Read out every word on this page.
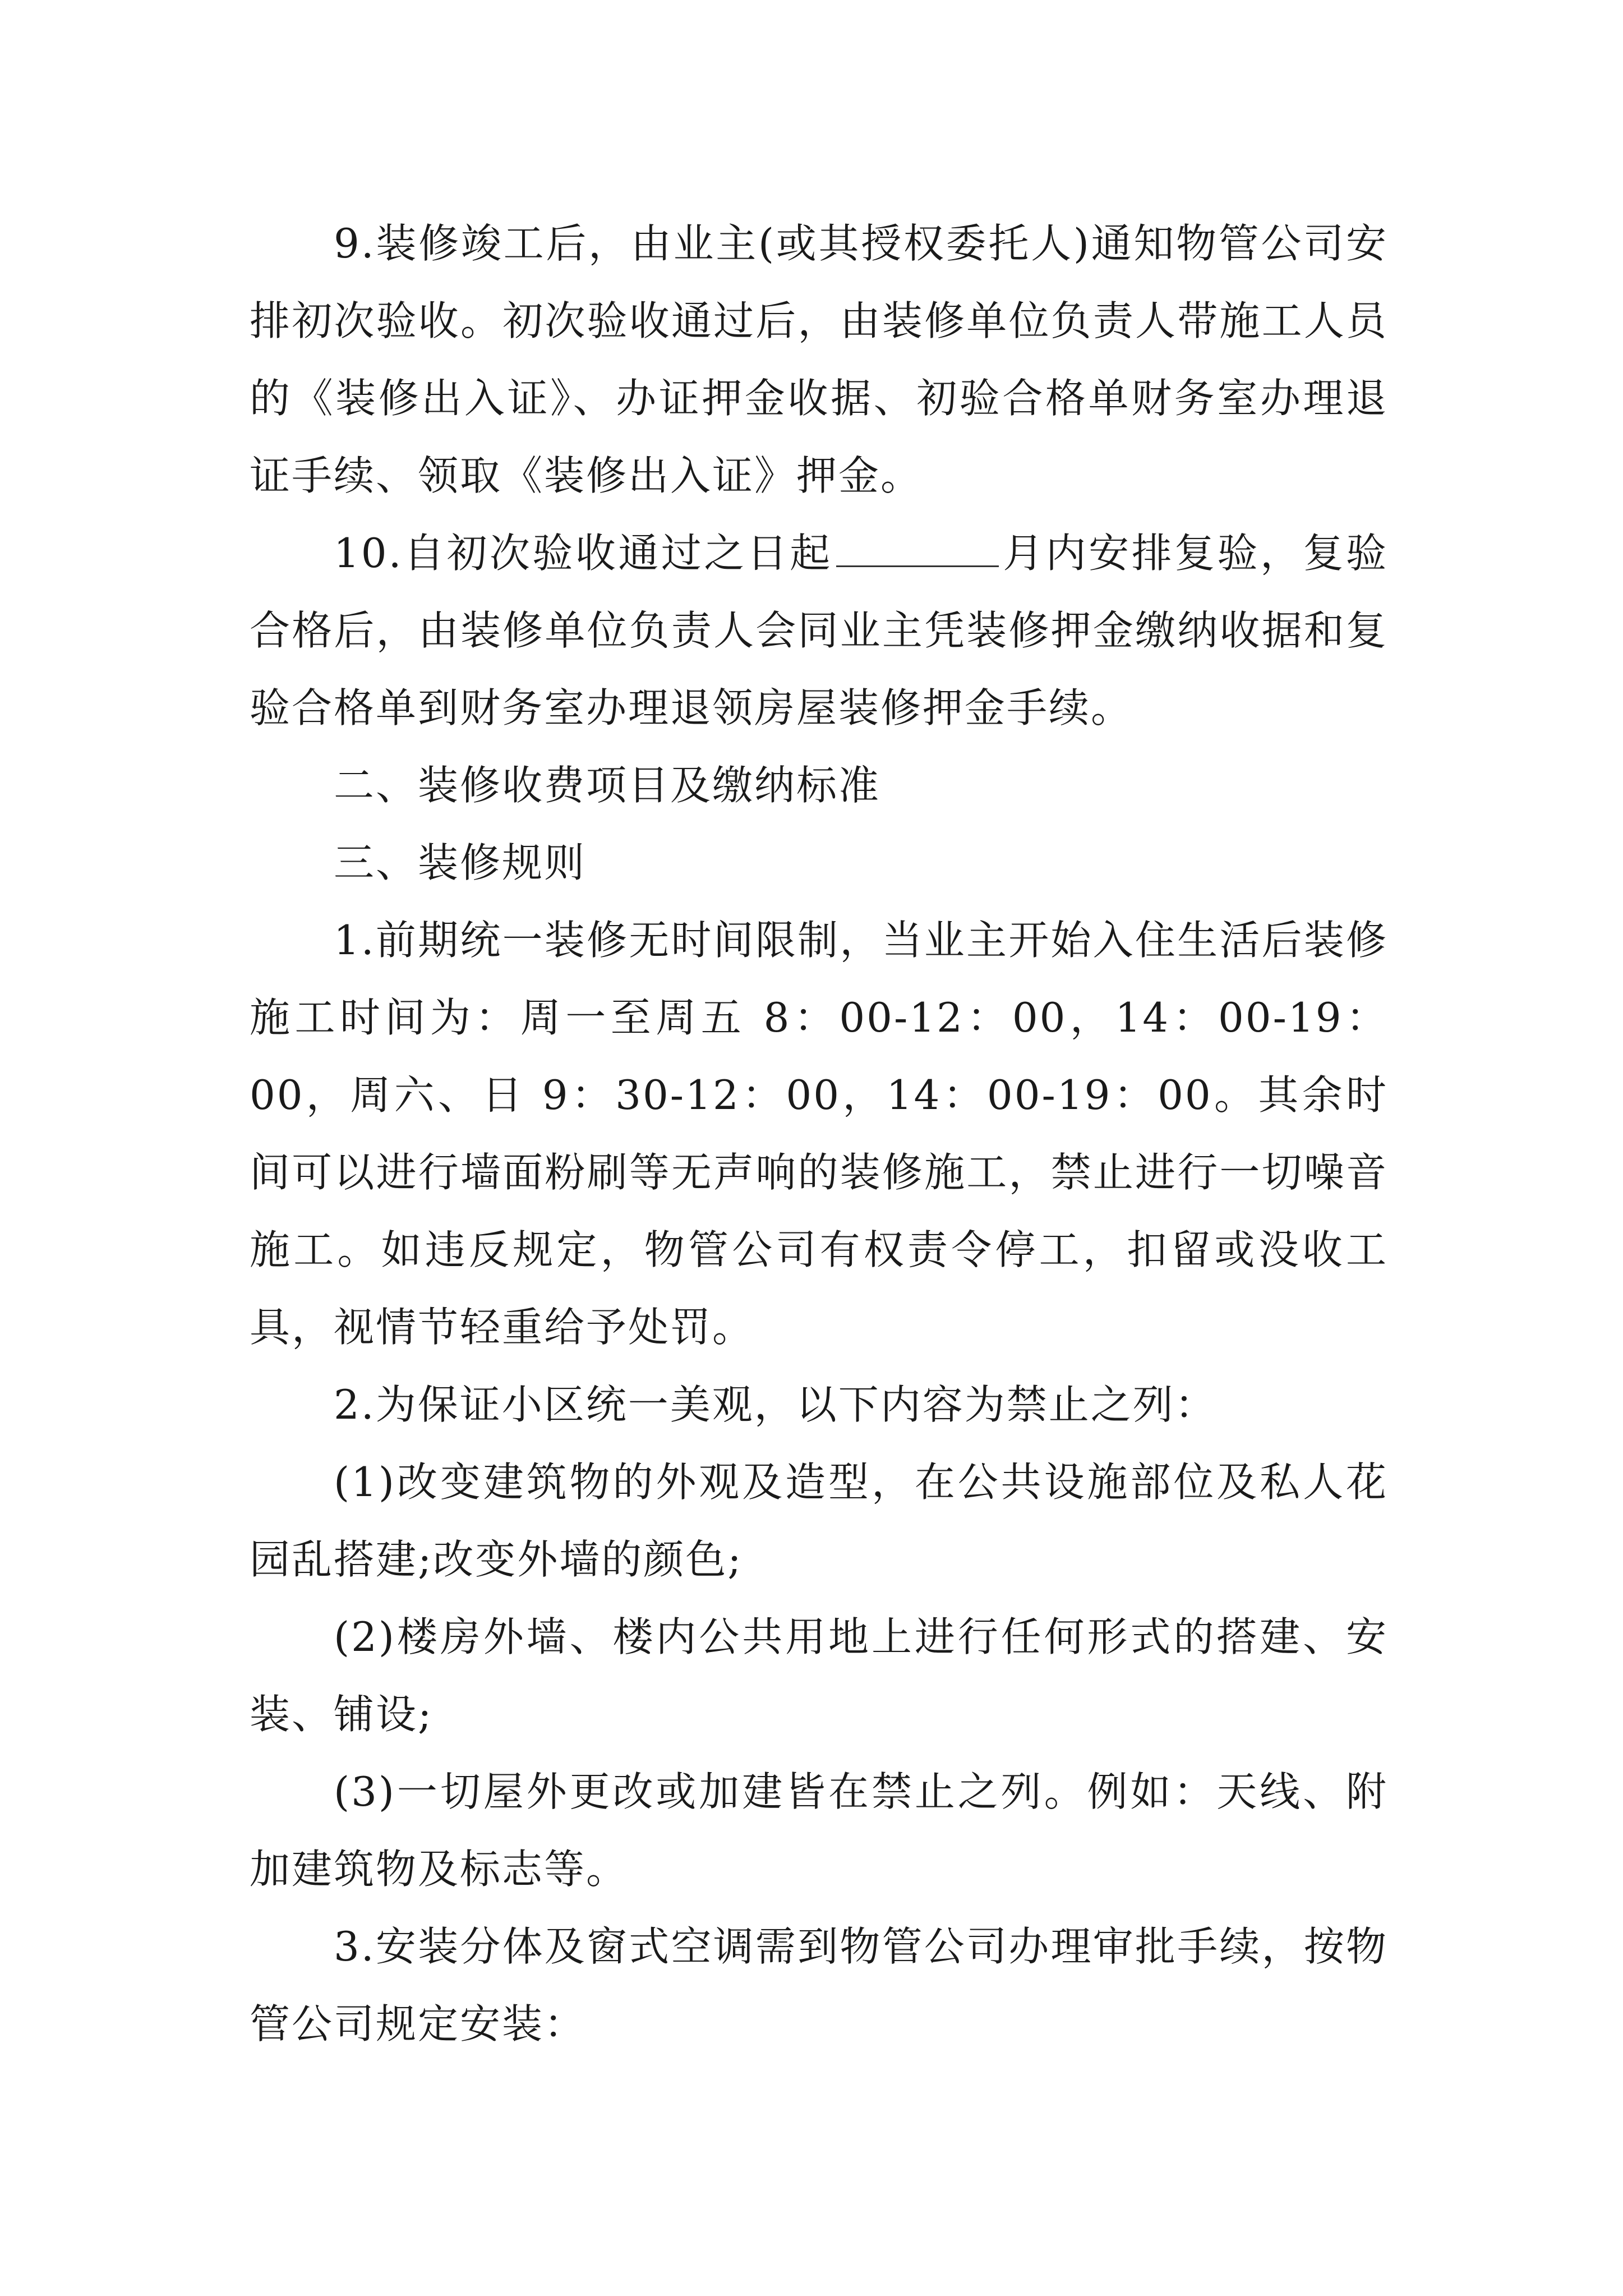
9.装修竣工后，由业主(或其授权委托人)通知物管公司安排初次验收。初次验收通过后，由装修单位负责人带施工人员的《装修出入证》、办证押金收据、初验合格单财务室办理退证手续、领取《装修出入证》押金。

10.自初次验收通过之日起	月内安排复验，复验合格后，由装修单位负责人会同业主凭装修押金缴纳收据和复验合格单到财务室办理退领房屋装修押金手续。

二、装修收费项目及缴纳标准

三、装修规则

1.前期统一装修无时间限制，当业主开始入住生活后装修施工时间为：周一至周五 8：00-12：00，14：00-19：00，周六、日 9：30-12：00，14：00-19：00。其余时间可以进行墙面粉刷等无声响的装修施工，禁止进行一切噪音施工。如违反规定，物管公司有权责令停工，扣留或没收工具，视情节轻重给予处罚。

2.为保证小区统一美观，以下内容为禁止之列：

(1)改变建筑物的外观及造型，在公共设施部位及私人花园乱搭建;改变外墙的颜色;

(2)楼房外墙、楼内公共用地上进行任何形式的搭建、安装、铺设;

(3)一切屋外更改或加建皆在禁止之列。例如：天线、附加建筑物及标志等。

3.安装分体及窗式空调需到物管公司办理审批手续，按物管公司规定安装：
